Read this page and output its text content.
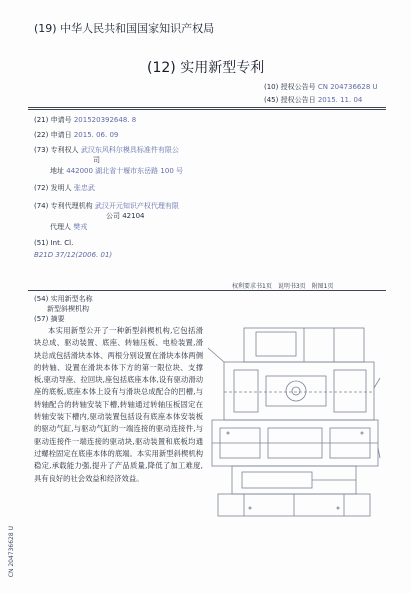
(19) 中华人民共和国国家知识产权局
(12) 实用新型专利
(10) 授权公告号 CN 204736628 U
(45) 授权公告日 2015. 11. 04
(21) 申请号 201520392648. 8
(22) 申请日 2015. 06. 09
(73) 专利权人 武汉东风科尔模具标准件有限公
司
地址 442000 湖北省十堰市东岳路 100 号
(72) 发明人 张忠武
(74) 专利代理机构 武汉开元知识产权代理有限
公司 42104
代理人 樊戎
(51) Int. Cl.
B21D 37/12(2006. 01)
权利要求书1页　说明书3页　附图1页
(54) 实用新型名称
新型斜楔机构
(57) 摘要
本实用新型公开了一种新型斜楔机构,它包括滑块总成、驱动装置、底座、转轴压板、电检装置,滑块总成包括滑块本体、两根分别设置在滑块本体两侧的转轴、设置在滑块本体下方的第一限位块、支撑板,驱动导座、拉回块,座包括底座本体,设有驱动滑动座的底板,底座本体上设有与滑块总成配合的凹槽,与转轴配合的转轴安装下槽,转轴通过转轴压板固定在转轴安装下槽内,驱动装置包括设有底座本体安装板的驱动气缸,与驱动气缸的一端连接的驱动连接件,与驱动连接件一端连接的驱动块,驱动装置和底板均通过螺栓固定在底座本体的底端。本实用新型斜楔机构稳定,承载能力强,提升了产品质量,降低了加工难度,具有良好的社会效益和经济效益。
CN 204736628 U
